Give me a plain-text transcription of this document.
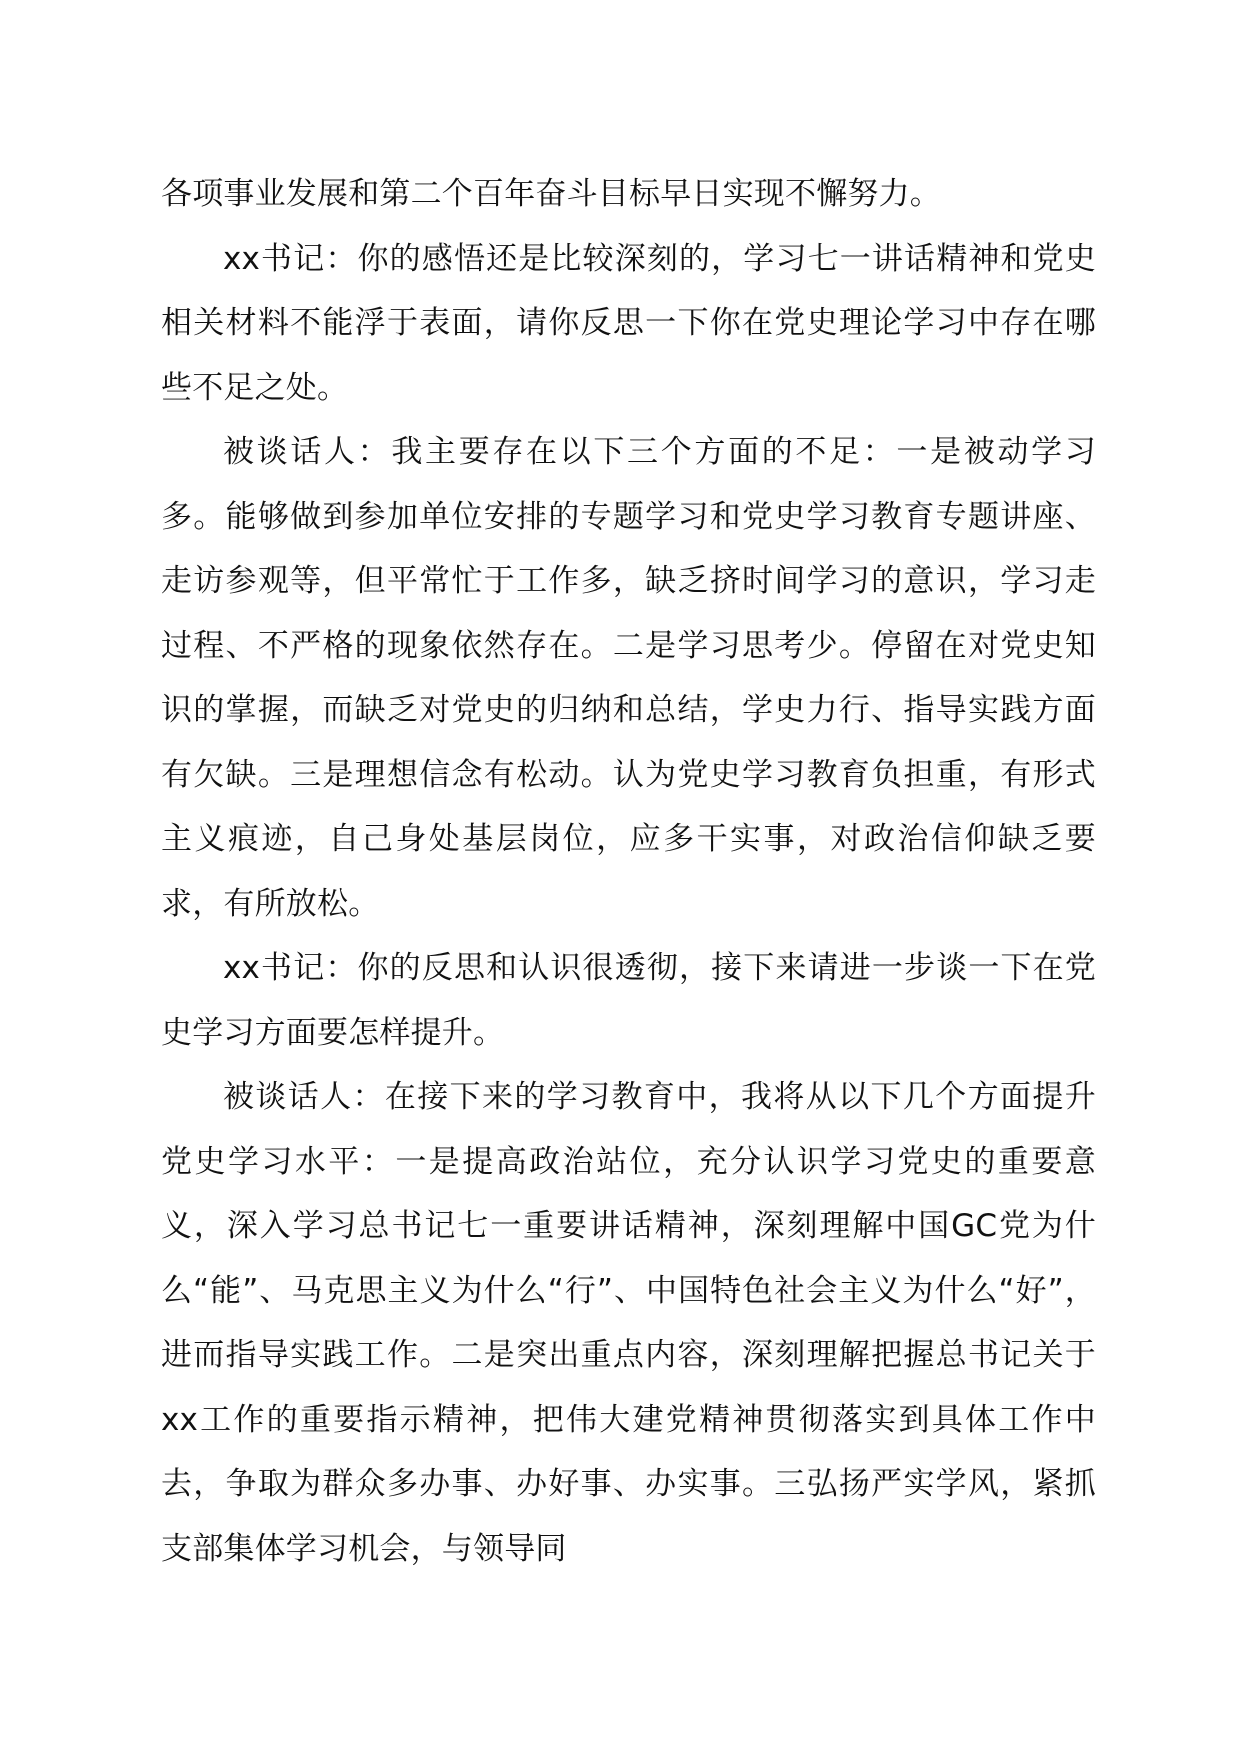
各项事业发展和第二个百年奋斗目标早日实现不懈努力。

xx书记：你的感悟还是比较深刻的，学习七一讲话精神和党史相关材料不能浮于表面，请你反思一下你在党史理论学习中存在哪些不足之处。

被谈话人：我主要存在以下三个方面的不足：一是被动学习多。能够做到参加单位安排的专题学习和党史学习教育专题讲座、走访参观等，但平常忙于工作多，缺乏挤时间学习的意识，学习走过程、不严格的现象依然存在。二是学习思考少。停留在对党史知识的掌握，而缺乏对党史的归纳和总结，学史力行、指导实践方面有欠缺。三是理想信念有松动。认为党史学习教育负担重，有形式主义痕迹，自己身处基层岗位，应多干实事，对政治信仰缺乏要求，有所放松。

xx书记：你的反思和认识很透彻，接下来请进一步谈一下在党史学习方面要怎样提升。

被谈话人：在接下来的学习教育中，我将从以下几个方面提升党史学习水平：一是提高政治站位，充分认识学习党史的重要意义，深入学习总书记七一重要讲话精神，深刻理解中国GC党为什么“能”、马克思主义为什么“行”、中国特色社会主义为什么“好”，进而指导实践工作。二是突出重点内容，深刻理解把握总书记关于xx工作的重要指示精神，把伟大建党精神贯彻落实到具体工作中去，争取为群众多办事、办好事、办实事。三弘扬严实学风，紧抓支部集体学习机会，与领导同
